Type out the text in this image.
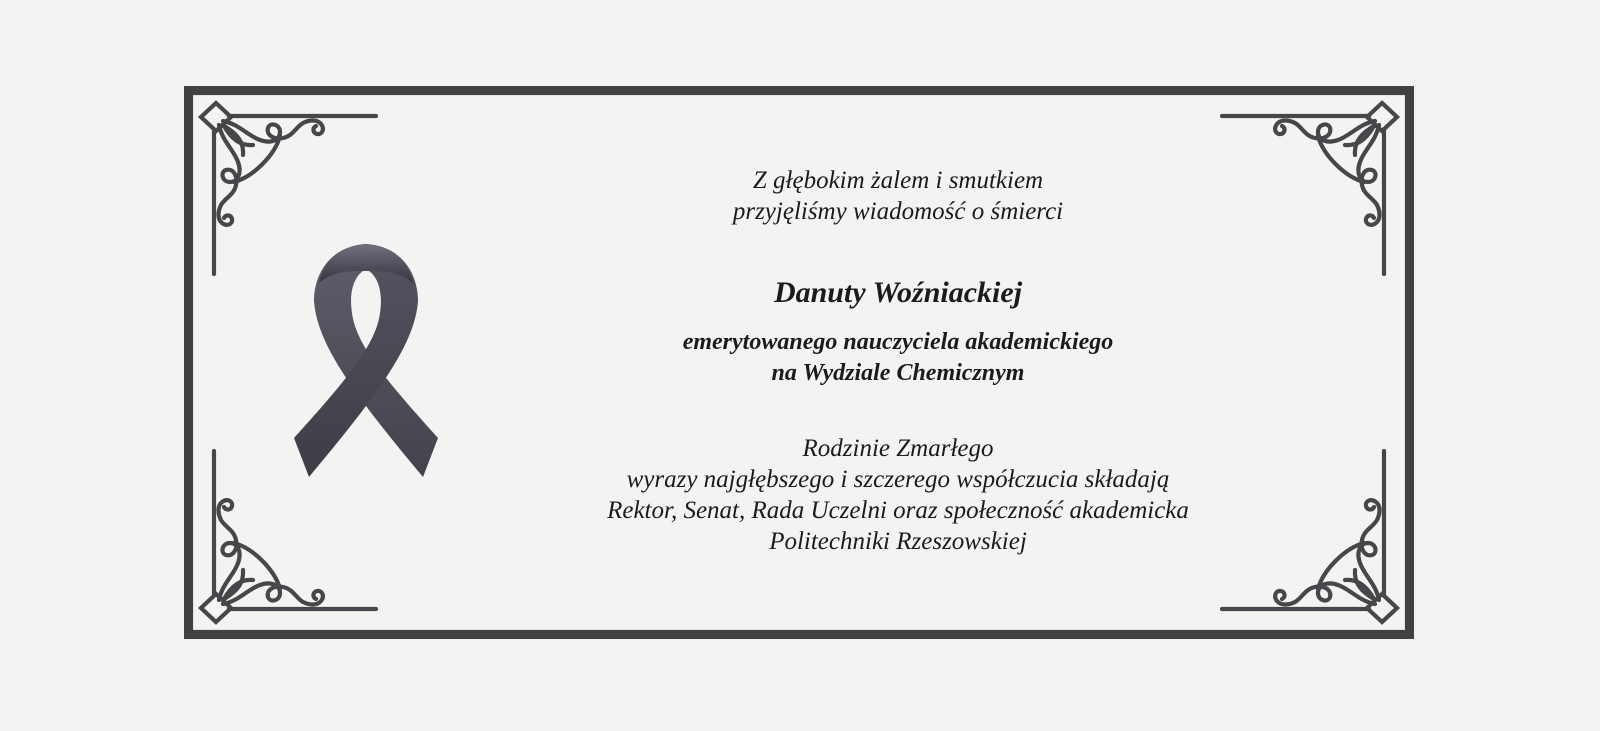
Z głębokim żalem i smutkiem

przyjęliśmy wiadomość o śmierci

Danuty Woźniackiej

emerytowanego nauczyciela akademickiego

na Wydziale Chemicznym

Rodzinie Zmarłego

wyrazy najgłębszego i szczerego współczucia składają

Rektor, Senat, Rada Uczelni oraz społeczność akademicka

Politechniki Rzeszowskiej
